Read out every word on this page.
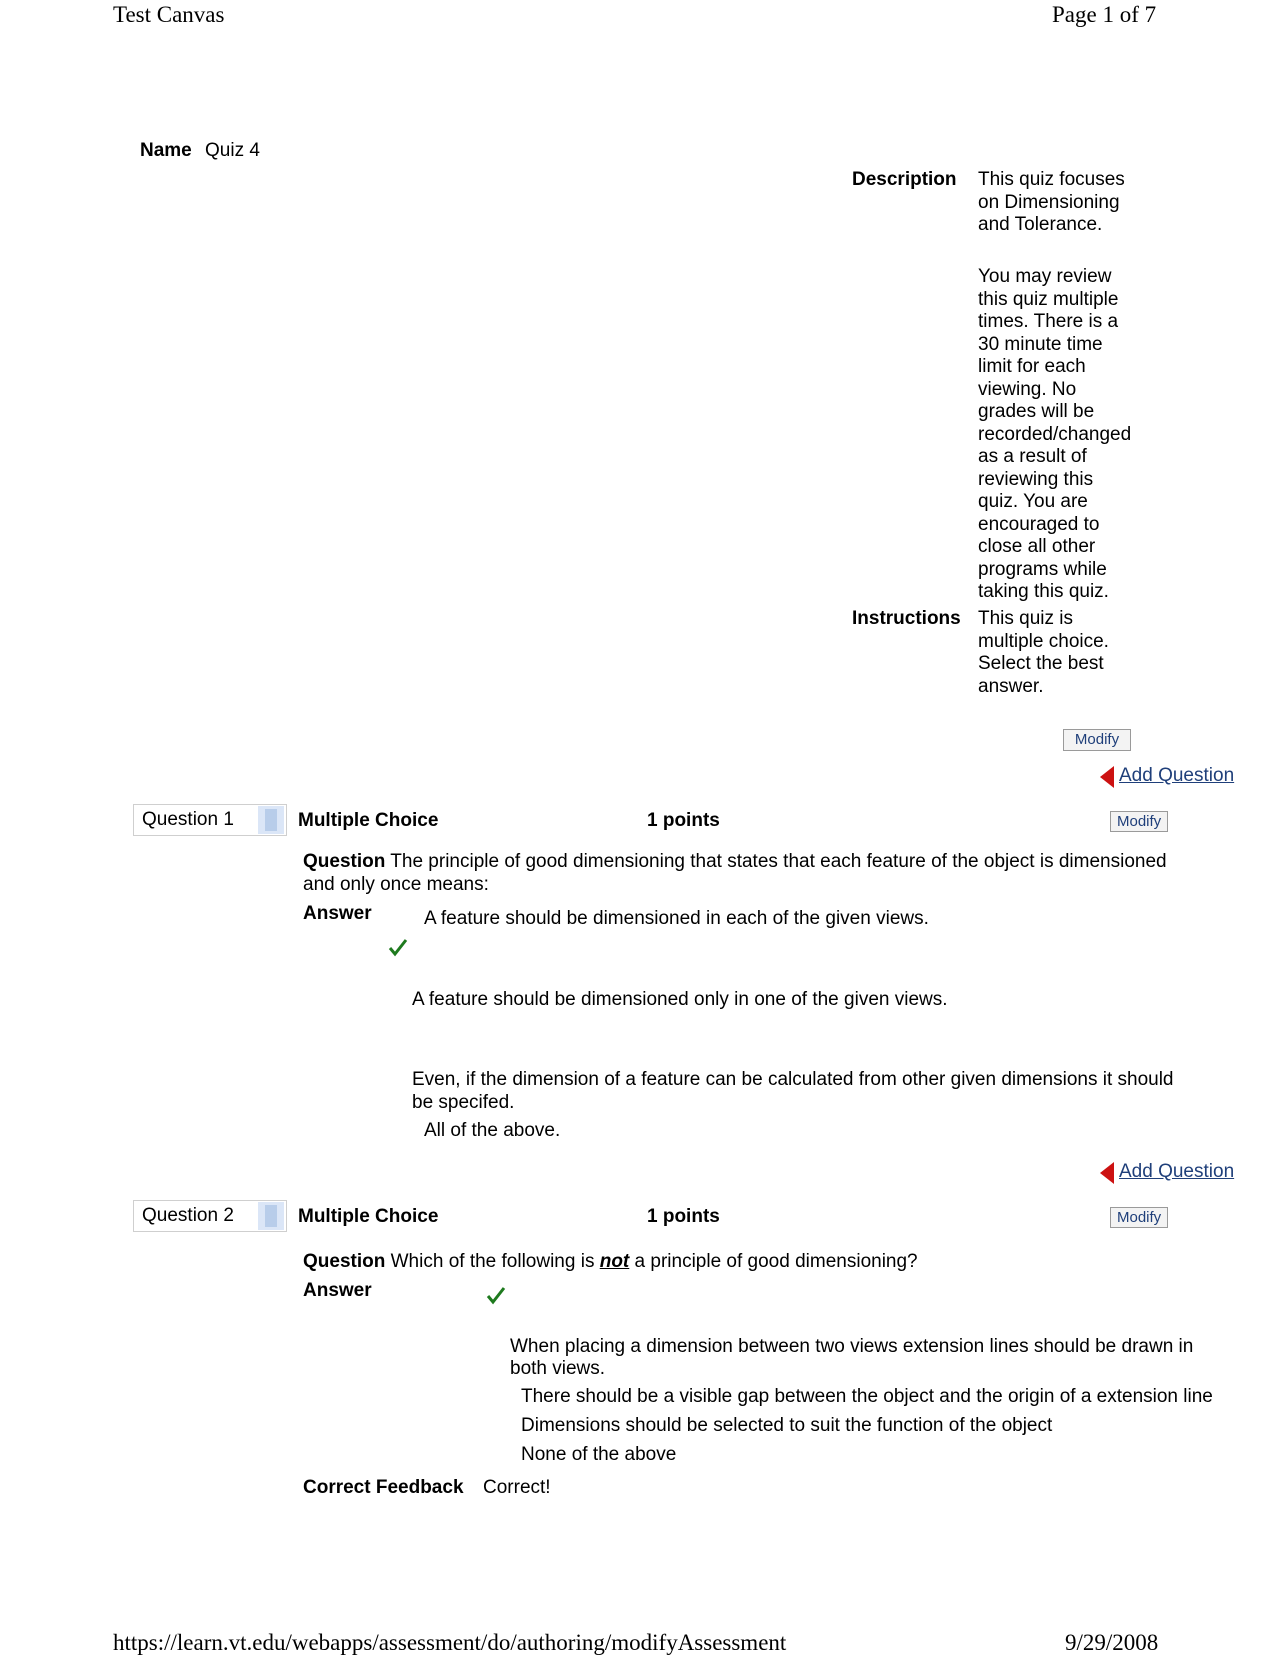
Test Canvas	Page 1 of 7
Name Quiz 4
Description This quiz focuses
on Dimensioning
and Tolerance.
You may review
this quiz multiple
times. There is a
30 minute time
limit for each
viewing. No
grades will be
recorded/changed
as a result of
reviewing this
quiz. You are
encouraged to
close all other
programs while
taking this quiz.
Instructions This quiz is
multiple choice.
Select the best
answer.
Modify
Add Question
Question 1	Multiple Choice	1 points	Modify
Question The principle of good dimensioning that states that each feature of the object is dimensioned
and only once means:
Answer	A feature should be dimensioned in each of the given views.
A feature should be dimensioned only in one of the given views.
Even, if the dimension of a feature can be calculated from other given dimensions it should
be specifed.
All of the above.
Add Question
Question 2	Multiple Choice	1 points	Modify
Question Which of the following is not a principle of good dimensioning?
Answer
When placing a dimension between two views extension lines should be drawn in
both views.
There should be a visible gap between the object and the origin of a extension line
Dimensions should be selected to suit the function of the object
None of the above
Correct Feedback Correct!
https://learn.vt.edu/webapps/assessment/do/authoring/modifyAssessment	9/29/2008
